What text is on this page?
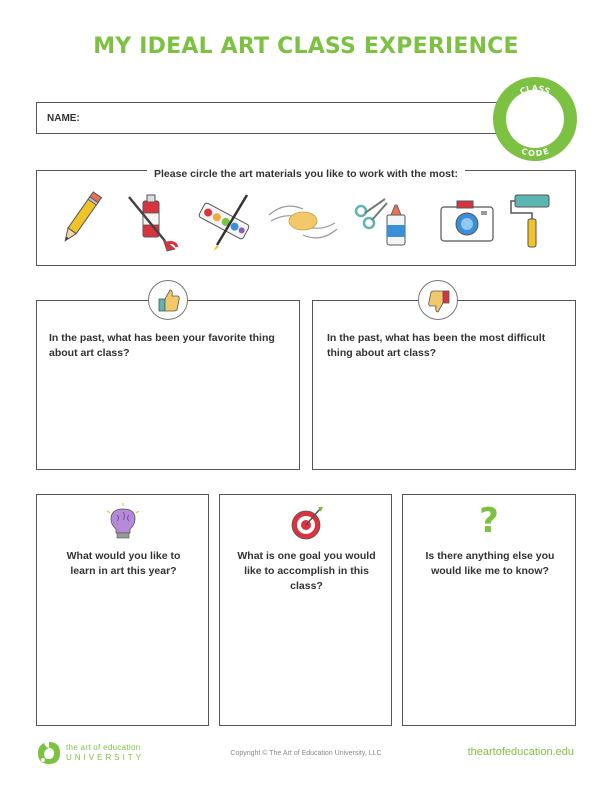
MY IDEAL ART CLASS EXPERIENCE
NAME:
CLASS
CODE
Please circle the art materials you like to work with the most:
In the past, what has been your favorite thing about art class?
In the past, what has been the most difficult thing about art class?
What would you like to learn in art this year?
What is one goal you would like to accomplish in this class?
?
Is there anything else you would like me to know?
the art of education
UNIVERSITY	Copyright © The Art of Education University, LLC	theartofeducation.edu
